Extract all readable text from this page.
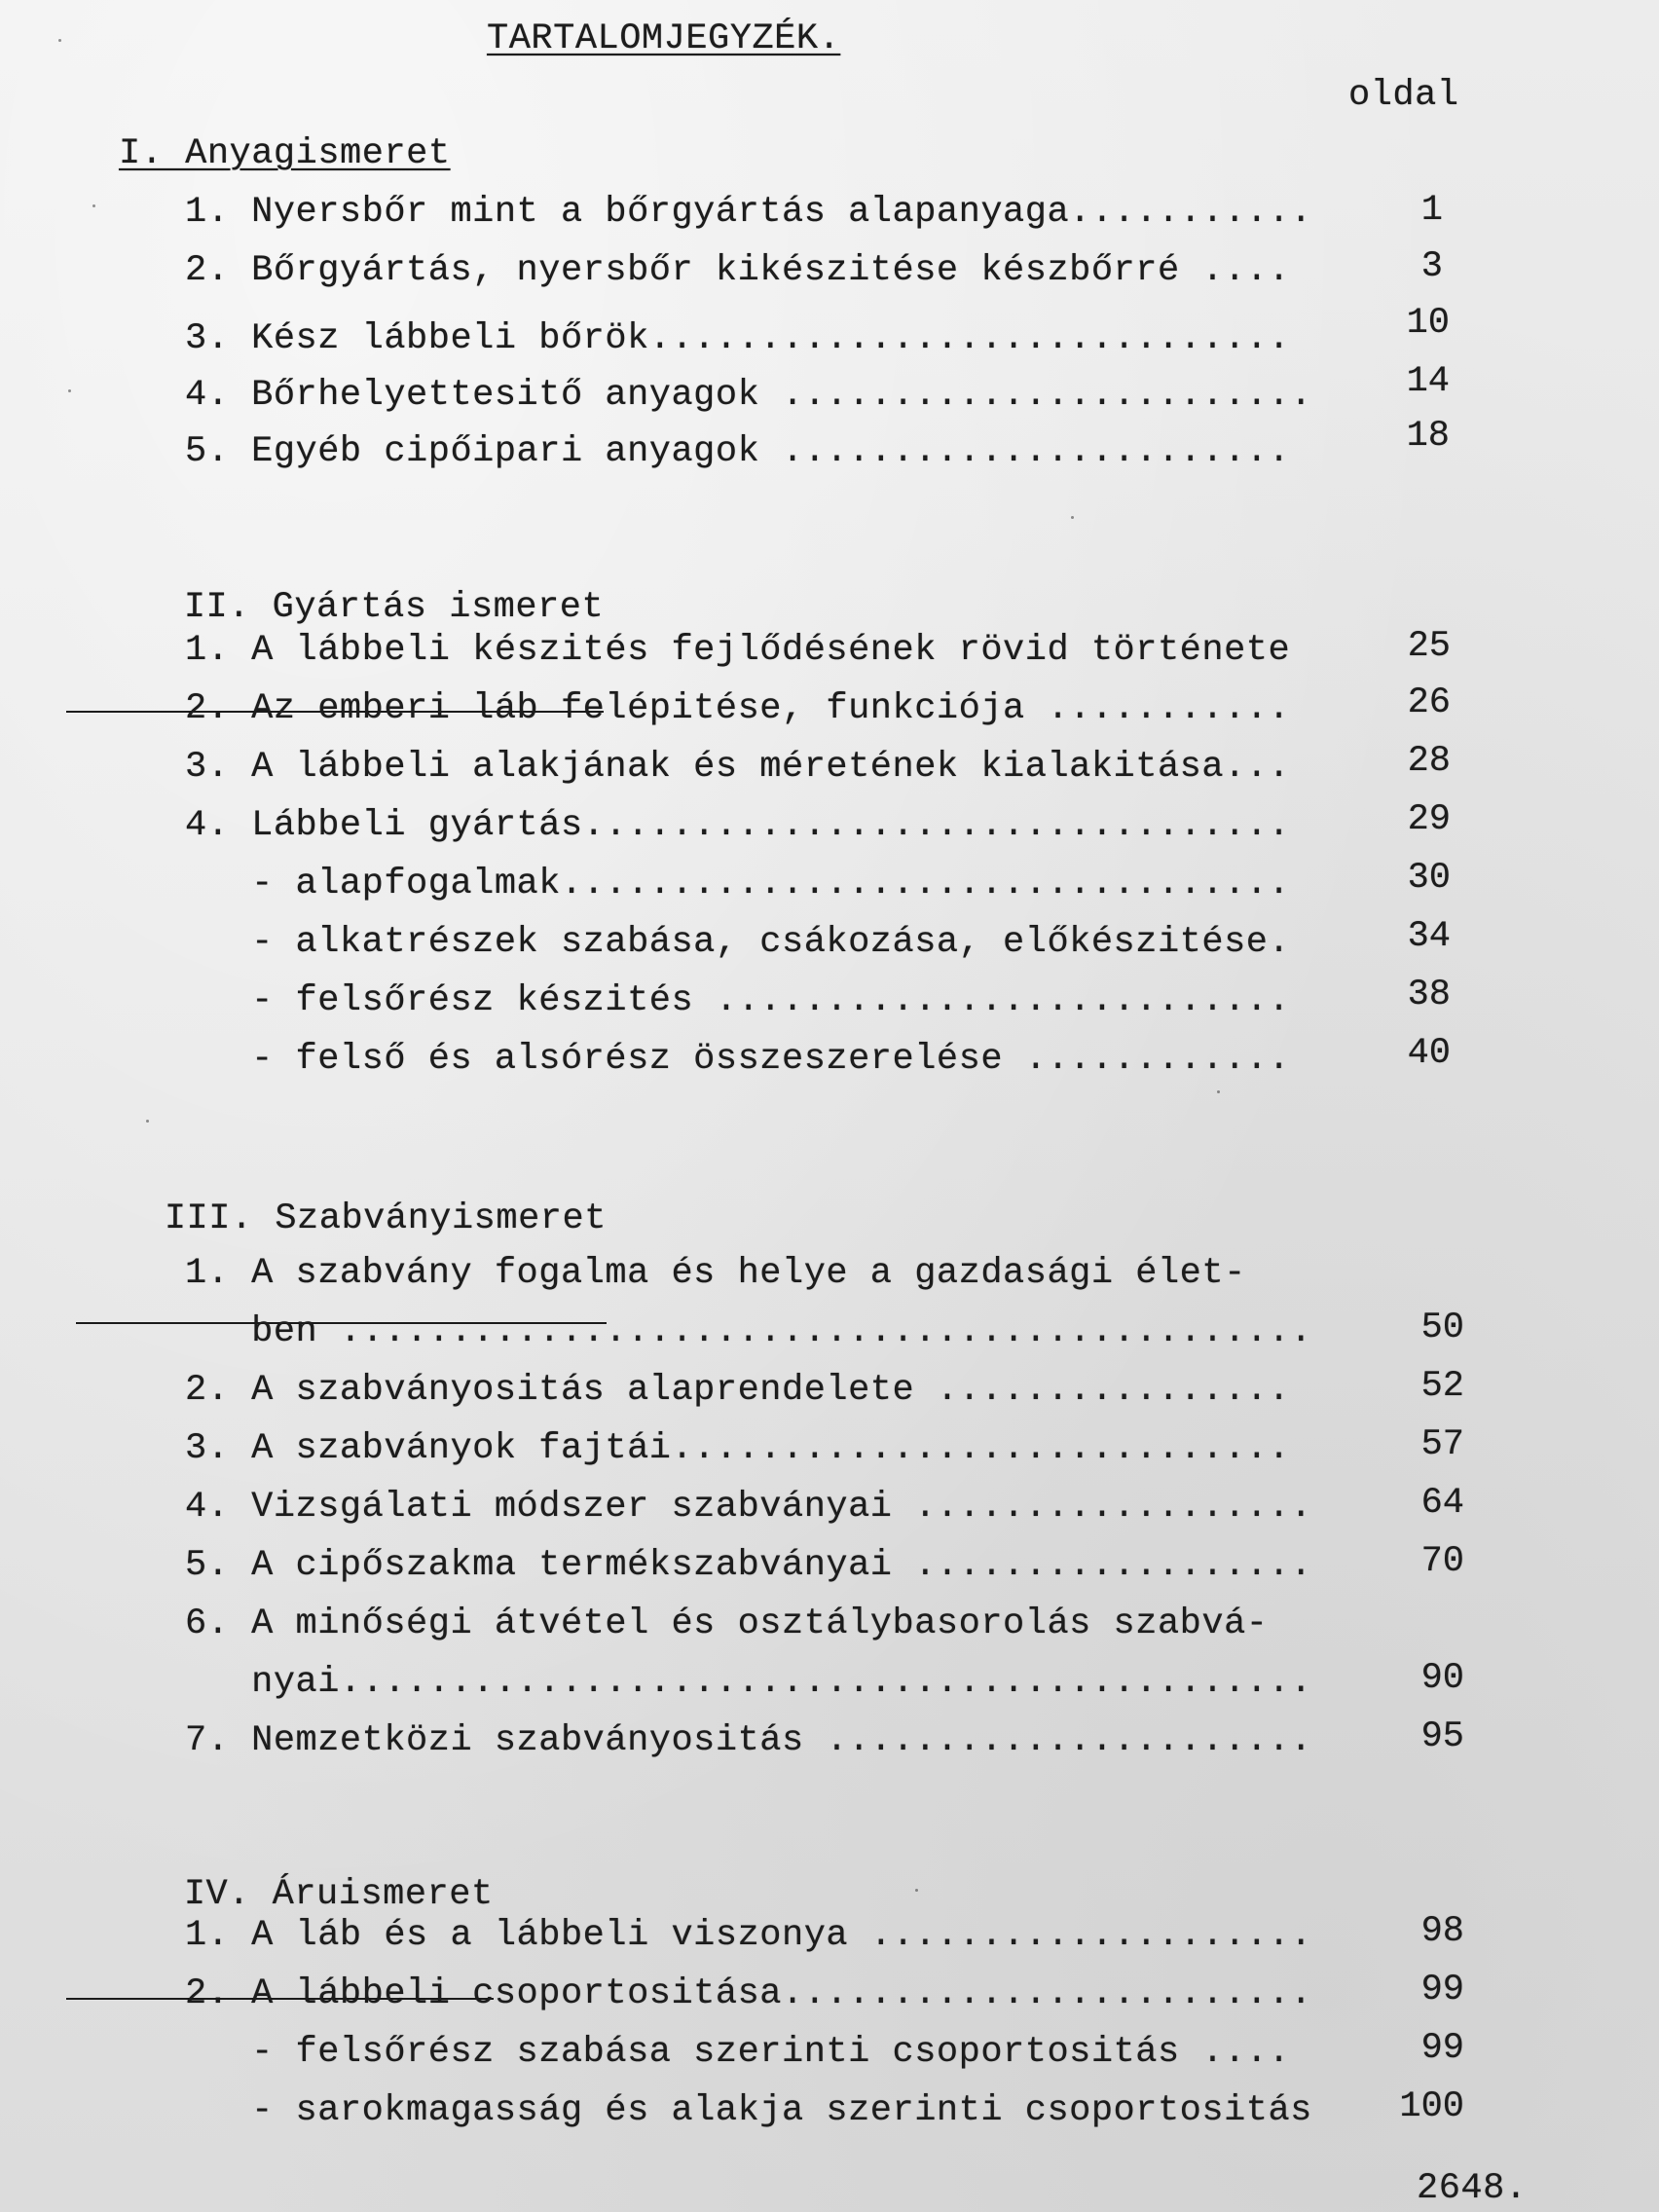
TARTALOMJEGYZÉK.
oldal
I. Anyagismeret
1. Nyersbőr mint a bőrgyártás alapanyaga...........	1
2. Bőrgyártás, nyersbőr kikészitése készbőrré ....	3
3. Kész lábbeli bőrök.............................	10
4. Bőrhelyettesitő anyagok ........................	14
5. Egyéb cipőipari anyagok .......................	18

II. Gyártás ismeret

1. A lábbeli készités fejlődésének rövid története	25
2. Az emberi láb felépitése, funkciója ...........	26
3. A lábbeli alakjának és méretének kialakitása...	28
4. Lábbeli gyártás................................	29
- alapfogalmak.................................	30
- alkatrészek szabása, csákozása, előkészitése.	34
- felsőrész készités ..........................	38
- felső és alsórész összeszerelése ............	40

III. Szabványismeret

1. A szabvány fogalma és helye a gazdasági élet-
ben ............................................	50
2. A szabványositás alaprendelete ................	52
3. A szabványok fajtái............................	57
4. Vizsgálati módszer szabványai ..................	64
5. A cipőszakma termékszabványai ..................	70
6. A minőségi átvétel és osztálybasorolás szabvá-
nyai............................................	90
7. Nemzetközi szabványositás ......................	95

IV. Áruismeret

1. A láb és a lábbeli viszonya ....................	98
2. A lábbeli csoportositása........................	99
- felsőrész szabása szerinti csoportositás ....	99
- sarokmagasság és alakja szerinti csoportositás 100
2648.
